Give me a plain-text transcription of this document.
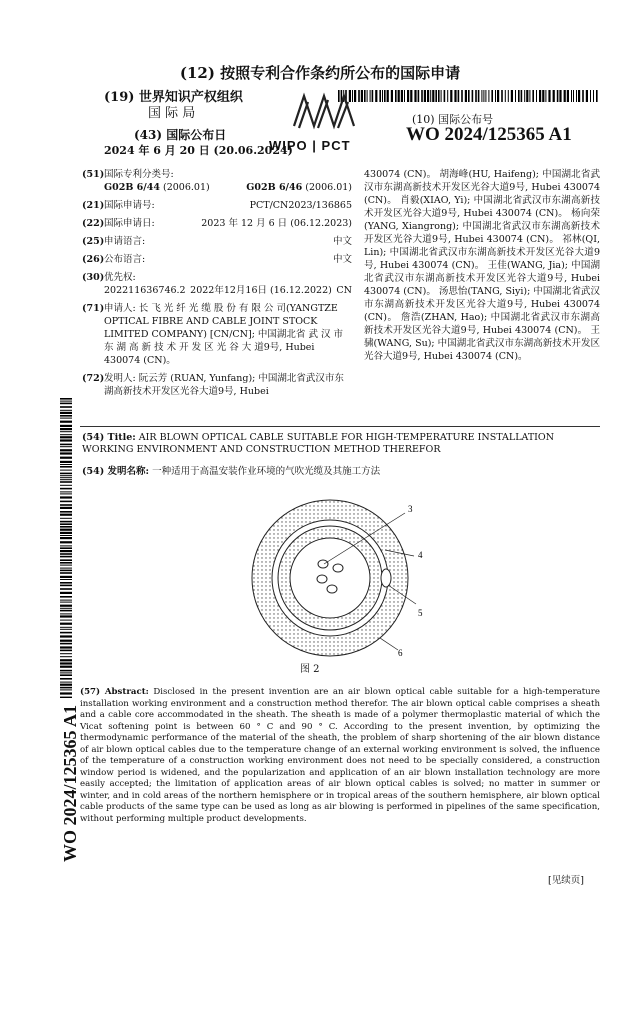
(12) 按照专利合作条约所公布的国际申请
(19) 世界知识产权组织
国 际 局
WIPO | PCT
(10) 国际公布号
WO 2024/125365 A1
(43) 国际公布日
2024 年 6 月 20 日 (20.06.2024)
(51) 国际专利分类号:
G02B 6/44 (2006.01)	G02B 6/46 (2006.01)
(21) 国际申请号:	PCT/CN2023/136865
(22) 国际申请日:	2023 年 12 月 6 日 (06.12.2023)
(25) 申请语言:	中文
(26) 公布语言:	中文
(30) 优先权:
202211636746.2 2022年12月16日 (16.12.2022) CN
(71) 申请人: 长 飞 光 纤 光 缆 股 份 有 限 公 司(YANGTZE OPTICAL FIBRE AND CABLE JOINT STOCK LIMITED COMPANY) [CN/CN]; 中国湖北省 武 汉 市 东 湖 高 新 技 术 开 发 区 光 谷 大 道9号, Hubei 430074 (CN)。
(72) 发明人: 阮云芳 (RUAN, Yunfang); 中国湖北省武汉市东湖高新技术开发区光谷大道9号, Hubei
430074 (CN)。 胡海峰(HU, Haifeng); 中国湖北省武汉市东湖高新技术开发区光谷大道9号, Hubei 430074 (CN)。 肖毅(XIAO, Yi); 中国湖北省武汉市东湖高新技术开发区光谷大道9号, Hubei 430074 (CN)。 杨向荣(YANG, Xiangrong); 中国湖北省武汉市东湖高新技术开发区光谷大道9号, Hubei 430074 (CN)。 祁林(QI, Lin); 中国湖北省武汉市东湖高新技术开发区光谷大道9号, Hubei 430074 (CN)。 王佳(WANG, Jia); 中国湖北省武汉市东湖高新技术开发区光谷大道9号, Hubei 430074 (CN)。 汤思怡(TANG, Siyi); 中国湖北省武汉市东湖高新技术开发区光谷大道9号, Hubei 430074 (CN)。 詹浩(ZHAN, Hao); 中国湖北省武汉市东湖高新技术开发区光谷大道9号, Hubei 430074 (CN)。 王骕(WANG, Su); 中国湖北省武汉市东湖高新技术开发区光谷大道9号, Hubei 430074 (CN)。
WO 2024/125365 A1
(54) Title: AIR BLOWN OPTICAL CABLE SUITABLE FOR HIGH-TEMPERATURE INSTALLATION WORKING ENVIRONMENT AND CONSTRUCTION METHOD THEREFOR
(54) 发明名称: 一种适用于高温安装作业环境的气吹光缆及其施工方法
3
4
5
6
图 2
(57) Abstract: Disclosed in the present invention are an air blown optical cable suitable for a high-temperature installation working environment and a construction method therefor. The air blown optical cable comprises a sheath and a cable core accommodated in the sheath. The sheath is made of a polymer thermoplastic material of which the Vicat softening point is between 60 ° C and 90 ° C. According to the present invention, by optimizing the thermodynamic performance of the material of the sheath, the problem of sharp shortening of the air blown distance of air blown optical cables due to the temperature change of an external working environment is solved, the influence of the temperature of a construction working environment does not need to be specially considered, a construction window period is widened, and the popularization and application of an air blown installation technology are more easily accepted; the limitation of application areas of air blown optical cables is solved; no matter in summer or winter, and in cold areas of the northern hemisphere or in tropical areas of the southern hemisphere, air blown optical cable products of the same type can be used as long as air blowing is performed in pipelines of the same specification, without performing multiple product developments.
[见续页]
